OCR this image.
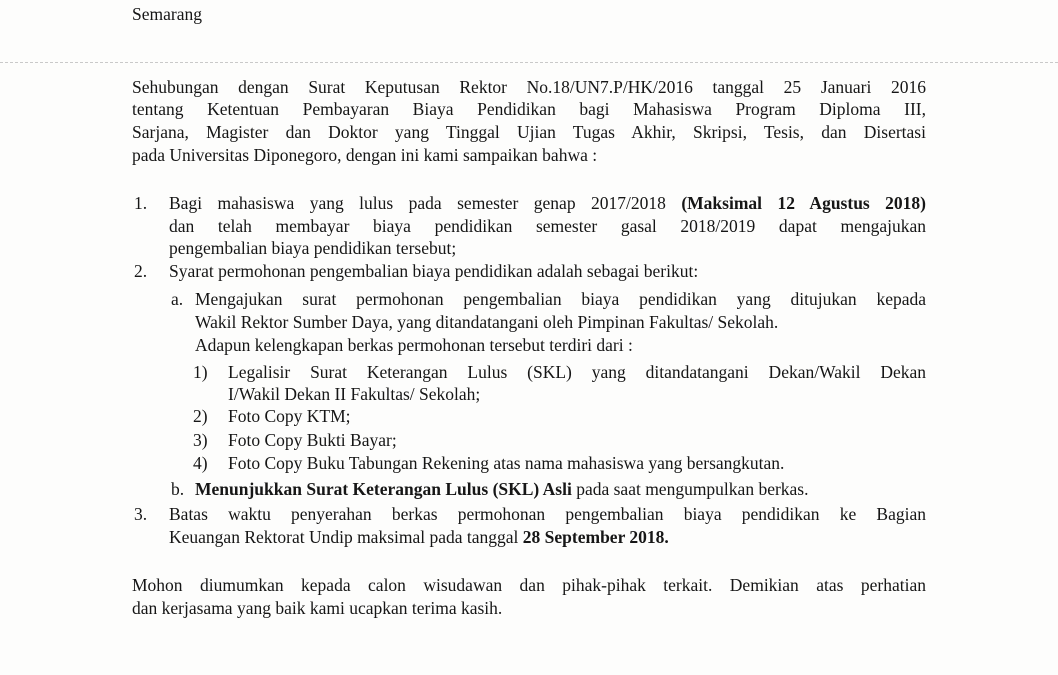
Semarang
Sehubungan dengan Surat Keputusan Rektor No.18/UN7.P/HK/2016 tanggal 25 Januari 2016
tentang Ketentuan Pembayaran Biaya Pendidikan bagi Mahasiswa Program Diploma III,
Sarjana, Magister dan Doktor yang Tinggal Ujian Tugas Akhir, Skripsi, Tesis, dan Disertasi
pada Universitas Diponegoro, dengan ini kami sampaikan bahwa :
1. Bagi mahasiswa yang lulus pada semester genap 2017/2018 (Maksimal 12 Agustus 2018)
dan telah membayar biaya pendidikan semester gasal 2018/2019 dapat mengajukan
pengembalian biaya pendidikan tersebut;
2. Syarat permohonan pengembalian biaya pendidikan adalah sebagai berikut:
a. Mengajukan surat permohonan pengembalian biaya pendidikan yang ditujukan kepada
Wakil Rektor Sumber Daya, yang ditandatangani oleh Pimpinan Fakultas/ Sekolah.
Adapun kelengkapan berkas permohonan tersebut terdiri dari :
1) Legalisir Surat Keterangan Lulus (SKL) yang ditandatangani Dekan/Wakil Dekan
I/Wakil Dekan II Fakultas/ Sekolah;
2) Foto Copy KTM;
3) Foto Copy Bukti Bayar;
4) Foto Copy Buku Tabungan Rekening atas nama mahasiswa yang bersangkutan.
b. Menunjukkan Surat Keterangan Lulus (SKL) Asli pada saat mengumpulkan berkas.
3. Batas waktu penyerahan berkas permohonan pengembalian biaya pendidikan ke Bagian
Keuangan Rektorat Undip maksimal pada tanggal 28 September 2018.
Mohon diumumkan kepada calon wisudawan dan pihak-pihak terkait. Demikian atas perhatian
dan kerjasama yang baik kami ucapkan terima kasih.
